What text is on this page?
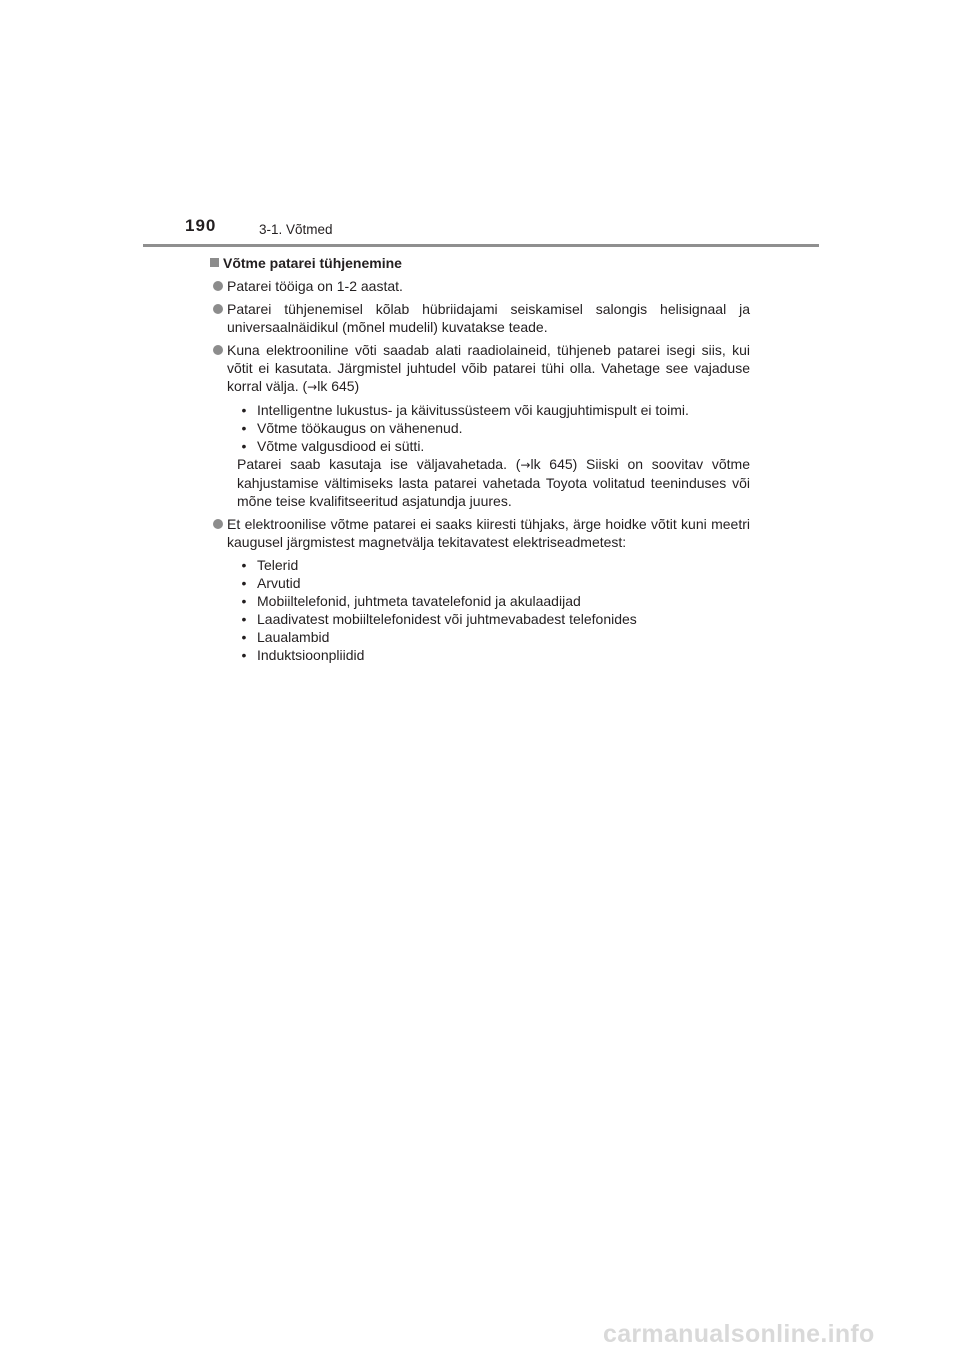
190	3-1. Võtmed
Võtme patarei tühjenemine
Patarei tööiga on 1-2 aastat.
Patarei tühjenemisel kõlab hübriidajami seiskamisel salongis helisignaal ja universaalnäidikul (mõnel mudelil) kuvatakse teade.
Kuna elektrooniline võti saadab alati raadiolaineid, tühjeneb patarei isegi siis, kui võtit ei kasutata. Järgmistel juhtudel võib patarei tühi olla. Vahetage see vajaduse korral välja. (→lk 645)
• Intelligentne lukustus- ja käivitussüsteem või kaugjuhtimispult ei toimi.
• Võtme töökaugus on vähenenud.
• Võtme valgusdiood ei sütti.
Patarei saab kasutaja ise väljavahetada. (→lk 645) Siiski on soovitav võtme kahjustamise vältimiseks lasta patarei vahetada Toyota volitatud teeninduses või mõne teise kvalifitseeritud asjatundja juures.
Et elektroonilise võtme patarei ei saaks kiiresti tühjaks, ärge hoidke võtit kuni meetri kaugusel järgmistest magnetvälja tekitavatest elektriseadmetest:
• Telerid
• Arvutid
• Mobiiltelefonid, juhtmeta tavatelefonid ja akulaadijad
• Laadivatest mobiiltelefonidest või juhtmevabadest telefonides
• Laualambid
• Induktsioonpliidid
carmanualsonline.info
